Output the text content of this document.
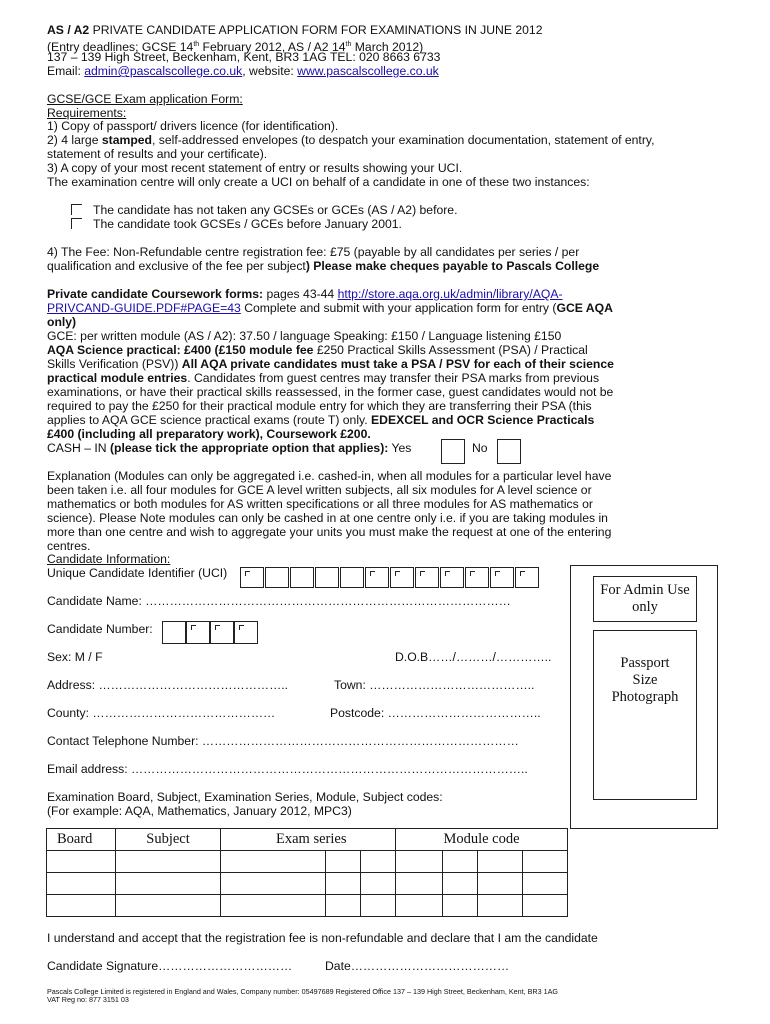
AS / A2 PRIVATE CANDIDATE APPLICATION FORM FOR EXAMINATIONS IN JUNE 2012
(Entry deadlines; GCSE 14th February 2012, AS / A2 14th March 2012)
137 – 139 High Street, Beckenham, Kent, BR3 1AG TEL: 020 8663 6733
Email: admin@pascalscollege.co.uk, website: www.pascalscollege.co.uk
GCSE/GCE Exam application Form:
Requirements:
1) Copy of passport/ drivers licence (for identification).
2) 4 large stamped, self-addressed envelopes (to despatch your examination documentation, statement of entry,
statement of results and your certificate).
3) A copy of your most recent statement of entry or results showing your UCI.
The examination centre will only create a UCI on behalf of a candidate in one of these two instances:
The candidate has not taken any GCSEs or GCEs (AS / A2) before.
The candidate took GCSEs / GCEs before January 2001.
4) The Fee: Non-Refundable centre registration fee: £75 (payable by all candidates per series / per
qualification and exclusive of the fee per subject) Please make cheques payable to Pascals College
Private candidate Coursework forms: pages 43-44 http://store.aqa.org.uk/admin/library/AQA-
PRIVCAND-GUIDE.PDF#PAGE=43 Complete and submit with your application form for entry (GCE AQA
only)
GCE: per written module (AS / A2): 37.50 / language Speaking: £150 / Language listening £150
AQA Science practical: £400 (£150 module fee £250 Practical Skills Assessment (PSA) / Practical
Skills Verification (PSV)) All AQA private candidates must take a PSA / PSV for each of their science
practical module entries. Candidates from guest centres may transfer their PSA marks from previous
examinations, or have their practical skills reassessed, in the former case, guest candidates would not be
required to pay the £250 for their practical module entry for which they are transferring their PSA (this
applies to AQA GCE science practical exams (route T) only. EDEXCEL and OCR Science Practicals
£400 (including all preparatory work), Coursework £200.
CASH – IN (please tick the appropriate option that applies): Yes	No
Explanation (Modules can only be aggregated i.e. cashed-in, when all modules for a particular level have
been taken i.e. all four modules for GCE A level written subjects, all six modules for A level science or
mathematics or both modules for AS written specifications or all three modules for AS mathematics or
science). Please Note modules can only be cashed in at one centre only i.e. if you are taking modules in
more than one centre and wish to aggregate your units you must make the request at one of the entering
centres.
Candidate Information:
Unique Candidate Identifier (UCI)
Candidate Name: ………………………………………………………………………………
Candidate Number:
Sex: M / F	D.O.B……/………/…………..
Address: ………………………………………..	Town: …………………………………..
County: ………………………………………	Postcode: ………………………………..
Contact Telephone Number: ……………………………………………………………………
Email address: ……………………………………………………………………………………..
Examination Board, Subject, Examination Series, Module, Subject codes:
(For example: AQA, Mathematics, January 2012, MPC3)
For Admin Use
only
Passport
Size
Photograph
Board	Subject	Exam series			Module code			

I understand and accept that the registration fee is non-refundable and declare that I am the candidate
Candidate Signature……………………………	Date…………………………………
Pascals College Limited is registered in England and Wales, Company number: 05497689 Registered Office 137 – 139 High Street, Beckenham, Kent, BR3 1AG
VAT Reg no: 877 3151 03
